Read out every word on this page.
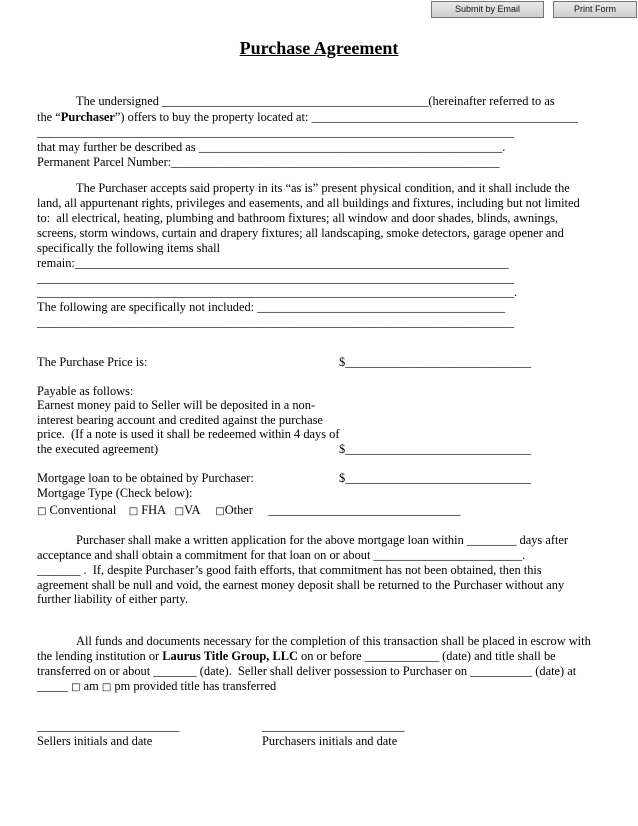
Submit by Email	Print Form
Purchase Agreement
The undersigned ___________________________________________(hereinafter referred to as
the “Purchaser”) offers to buy the property located at: ___________________________________________
_____________________________________________________________________________
that may further be described as _________________________________________________.
Permanent Parcel Number:_____________________________________________________
The Purchaser accepts said property in its “as is” present physical condition, and it shall include the
land, all appurtenant rights, privileges and easements, and all buildings and fixtures, including but not limited
to:  all electrical, heating, plumbing and bathroom fixtures; all window and door shades, blinds, awnings,
screens, storm windows, curtain and drapery fixtures; all landscaping, smoke detectors, garage opener and
specifically the following items shall
remain:______________________________________________________________________
_____________________________________________________________________________
_____________________________________________________________________________.
The following are specifically not included: ________________________________________
_____________________________________________________________________________
The Purchase Price is:	$______________________________
Payable as follows:
Earnest money paid to Seller will be deposited in a non-
interest bearing account and credited against the purchase
price.  (If a note is used it shall be redeemed within 4 days of
the executed agreement)	$______________________________
Mortgage loan to be obtained by Purchaser:	$______________________________
Mortgage Type (Check below):
□ Conventional □ FHA □VA □Other _______________________________
Purchaser shall make a written application for the above mortgage loan within ________ days after
acceptance and shall obtain a commitment for that loan on or about ________________________.
_______ .  If, despite Purchaser’s good faith efforts, that commitment has not been obtained, then this
agreement shall be null and void, the earnest money deposit shall be returned to the Purchaser without any
further liability of either party.
All funds and documents necessary for the completion of this transaction shall be placed in escrow with
the lending institution or Laurus Title Group, LLC on or before ____________ (date) and title shall be
transferred on or about _______ (date).  Seller shall deliver possession to Purchaser on __________ (date) at
_____ □ am □ pm provided title has transferred
_______________________	_______________________
Sellers initials and date	Purchasers initials and date
